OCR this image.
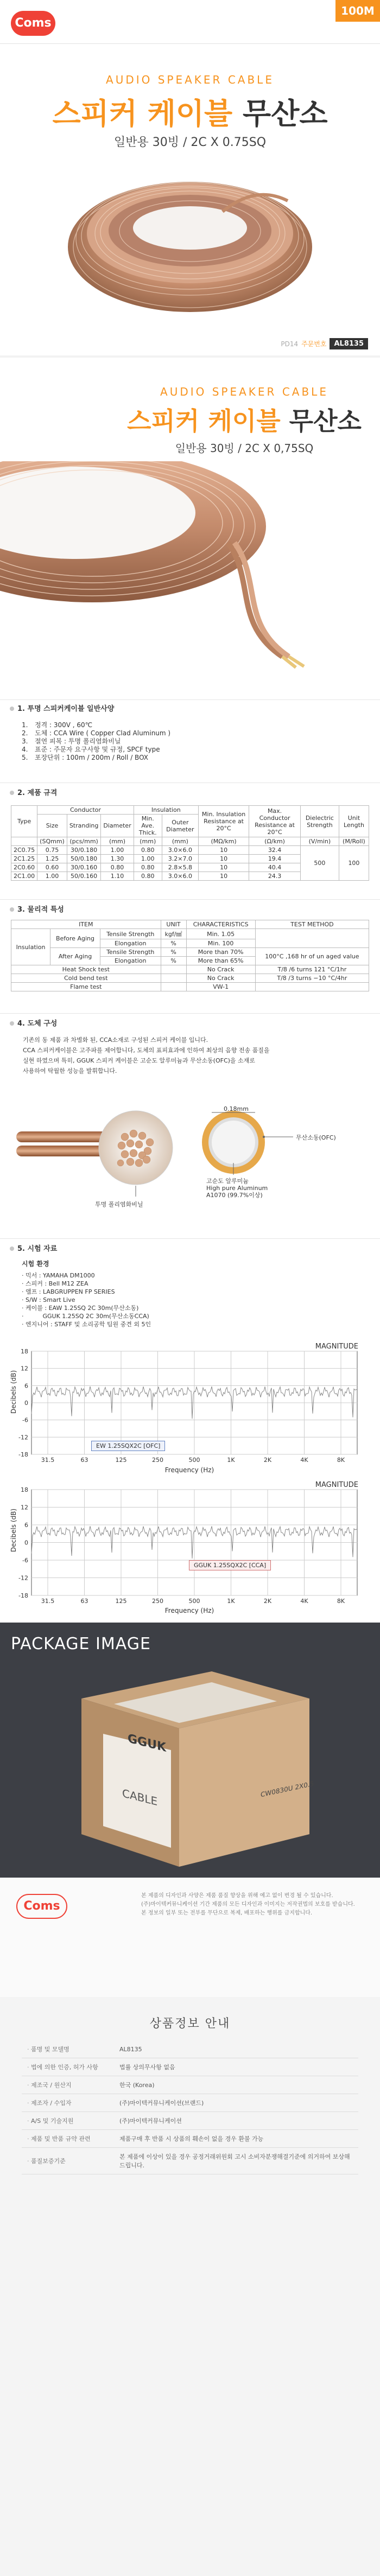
Coms
100M
AUDIO SPEAKER CABLE
스피커 케이블 무산소
일반용 30빙 / 2C X 0.75SQ
PD14 주문번호	AL8135
AUDIO SPEAKER CABLE
스피커 케이블 무산소
일반용 30빙 / 2C X 0,75SQ
1. 투명 스피커케이블 일반사양
1. 정격 : 300V , 60℃
2. 도체 : CCA Wire ( Copper Clad Aluminum )
3. 절연 피복 : 투명 폴리염화비닐
4. 표준 : 주문자 요구사항 및 규정, SPCF type
5. 포장단위 : 100m / 200m / Roll / BOX
2. 제품 규격
Type	Conductor			Insulation		Min. Insulation Resistance at 20°C	Max. Conductor Resistance at 20°C	Dielectric Strength	Unit Length
	Size	Stranding	Diameter	Min. Ave. Thick.	Outer Diameter				
	(SQmm)	(pcs/mm)	(mm)	(mm)	(mm)	(MΩ/km)	(Ω/km)	(V/min)	(M/Roll)
2C0.75	0.75	30/0.180	1.00	0.80	3.0×6.0	10	32.4	500	100
2C1.25	1.25	50/0.180	1.30	1.00	3.2×7.0	10	19.4		
2C0.60	0.60	30/0.160	0.80	0.80	2.8×5.8	10	40.4		
2C1.00	1.00	50/0.160	1.10	0.80	3.0×6.0	10	24.3		
3. 물리적 특성
ITEM			UNIT	CHARACTERISTICS	TEST METHOD
Insulation	Before Aging	Tensile Strength	kgf/㎟	Min. 1.05	
		Elongation	%	Min. 100	
	After Aging	Tensile Strength	%	More than 70%	100°C ,168 hr of un aged value
		Elongation	%	More than 65%	
Heat Shock test				No Crack	T/8 /6 turns 121 °C/1hr
Cold bend test				No Crack	T/8 /3 turns −10 °C/4hr
Flame test				VW-1	
4. 도체 구성
기존의 동 제품 과 차별화 된, CCA소재로 구성된 스피커 케이블 입니다.
CCA 스피커케이블은 고주파를 제어합니다, 도체의 표피효과에 인하여 최상의 음향 전송 품질을
실현 하였으며 특히, GGUK 스피커 케이블은 고순도 알루미늄과 무산소동(OFC)을 소재로
사용하여 탁월한 성능을 발휘합니다.
투명 폴리염화비닐
0.18mm
무산소동(OFC)
고순도 알루미늄
High pure Aluminum
A1070 (99.7%이상)
5. 시험 자료
시험 환경
· 믹서 : YAMAHA DM1000
· 스피커 : Bell M12 ZEA
· 앰프 : LABGRUPPEN FP SERIES
· S/W : Smart Live
· 케이블 : EAW 1.25SQ 2C 30m(무산소동)
·          GGUK 1.25SQ 2C 30m(무산소동CCA)
· 엔지니어 : STAFF 및 소리공학 팀원 중견 외 5인
18
12
6
0
-6
-12
-18
31.5	63	125	250	500	1K	2K	4K	8K
MAGNITUDE
EW 1.25SQX2C [OFC]
Decibels (dB)
Frequency (Hz)
18
12
6
0
-6
-12
-18
31.5	63	125	250	500	1K	2K	4K	8K
MAGNITUDE
GGUK 1.25SQX2C [CCA]
Decibels (dB)
Frequency (Hz)
PACKAGE IMAGE
GGUK
CABLE	CW0830U 2X0.5
Coms
본 제품의 디자인과 사양은 제품 품질 향상을 위해 예고 없이 변경 될 수 있습니다.
(주)마이텍커뮤니케이션 기간 제품의 모든 디자인과 이미지는 저작권법의 보호를 받습니다.
본 정보의 일부 또는 전부를 무단으로 복제, 배포하는 행위를 금지합니다.
상품정보 안내
· 품명 및 모델명	AL8135
· 법에 의한 인증, 허가 사항	법률 상의무사항 없음
· 제조국 / 원산지	한국 (Korea)
· 제조자 / 수입자	(주)마이텍커뮤니케이션(브랜드)
· A/S 및 기술지원	(주)마이텍커뮤니케이션
· 제품 및 반품 규약 관련	제품구매 후 반품 시 상품의 훼손이 없을 경우 환불 가능
· 품질보증기준	본 제품에 이상이 있을 경우 공정거래위원회 고시 소비자분쟁해결기준에 의거하여 보상해 드립니다.
